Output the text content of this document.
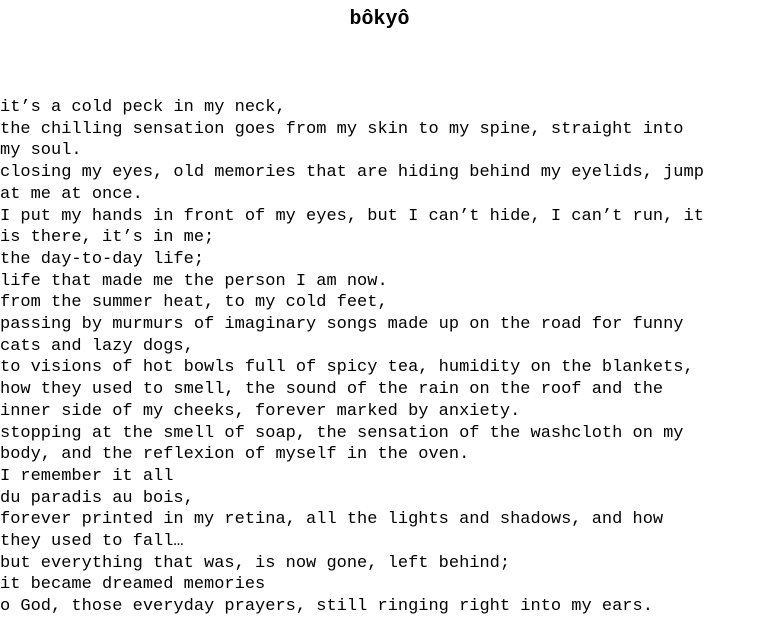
bôkyô
it’s a cold peck in my neck,
the chilling sensation goes from my skin to my spine, straight into
my soul.
closing my eyes, old memories that are hiding behind my eyelids, jump
at me at once.
I put my hands in front of my eyes, but I can’t hide, I can’t run, it
is there, it’s in me;
the day-to-day life;
life that made me the person I am now.
from the summer heat, to my cold feet,
passing by murmurs of imaginary songs made up on the road for funny
cats and lazy dogs,
to visions of hot bowls full of spicy tea, humidity on the blankets,
how they used to smell, the sound of the rain on the roof and the
inner side of my cheeks, forever marked by anxiety.
stopping at the smell of soap, the sensation of the washcloth on my
body, and the reflexion of myself in the oven.
I remember it all
du paradis au bois,
forever printed in my retina, all the lights and shadows, and how
they used to fall…
but everything that was, is now gone, left behind;
it became dreamed memories
o God, those everyday prayers, still ringing right into my ears.
